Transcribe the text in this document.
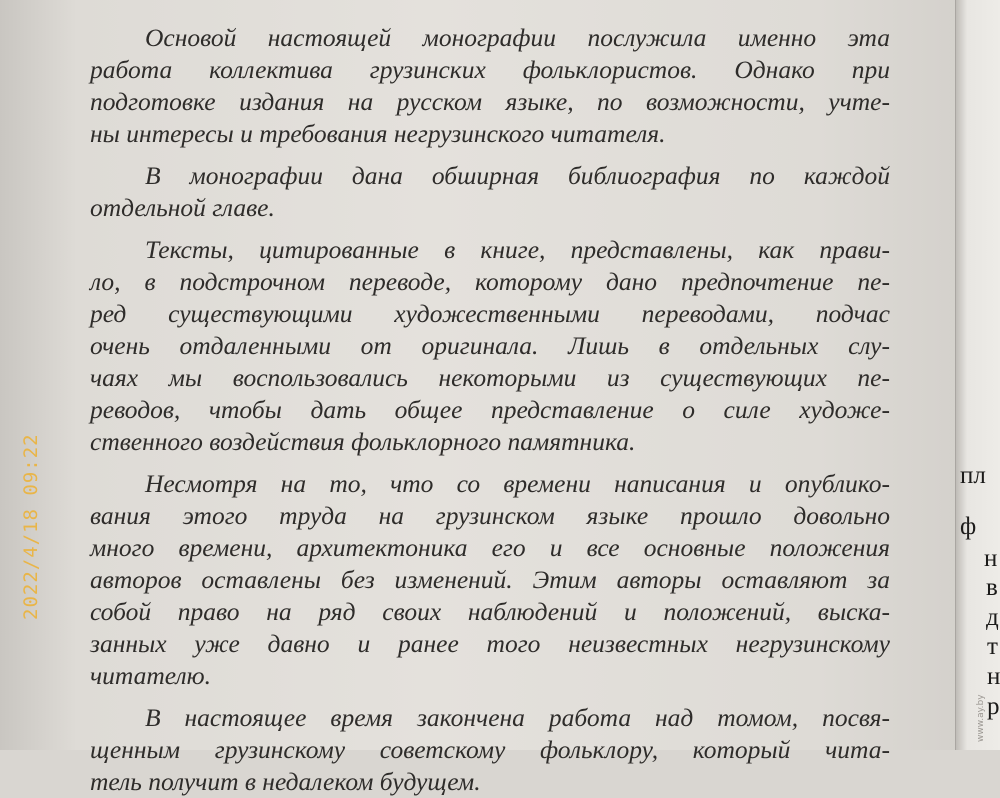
Основой настоящей монографии послужила именно эта
работа коллектива грузинских фольклористов. Однако при
подготовке издания на русском языке, по возможности, учте-
ны интересы и требования негрузинского читателя.
В монографии дана обширная библиография по каждой
отдельной главе.
Тексты, цитированные в книге, представлены, как прави-
ло, в подстрочном переводе, которому дано предпочтение пе-
ред существующими художественными переводами, подчас
очень отдаленными от оригинала. Лишь в отдельных слу-
чаях мы воспользовались некоторыми из существующих пе-
реводов, чтобы дать общее представление о силе художе-
ственного воздействия фольклорного памятника.
Несмотря на то, что со времени написания и опублико-
вания этого труда на грузинском языке прошло довольно
много времени, архитектоника его и все основные положения
авторов оставлены без изменений. Этим авторы оставляют за
собой право на ряд своих наблюдений и положений, выска-
занных уже давно и ранее того неизвестных негрузинскому
читателю.
В настоящее время закончена работа над томом, посвя-
щенным грузинскому советскому фольклору, который чита-
тель получит в недалеком будущем.
пл
ф
н
в
д
т
н
р
2022/4/18 09:22
www.ay.by
